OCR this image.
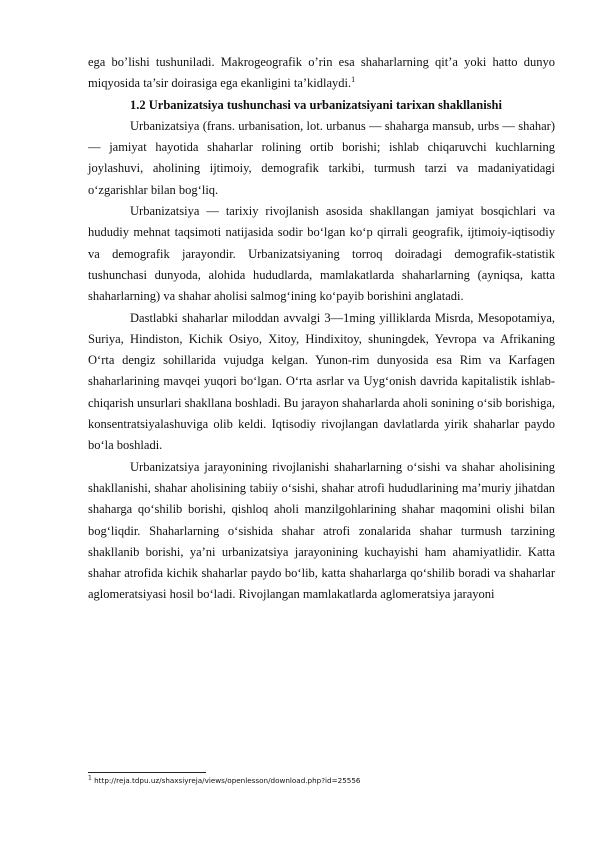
ega bo’lishi tushuniladi. Makrogeografik o’rin esa shaharlarning qit’a yoki hatto dunyo miqyosida ta’sir doirasiga ega ekanligini ta’kidlaydi.$^1$

1.2 Urbanizatsiya tushunchasi va urbanizatsiyani tarixan shakllanishi

Urbanizatsiya (frans. urbanisation, lot. urbanus — shaharga mansub, urbs — shahar) — jamiyat hayotida shaharlar rolining ortib borishi; ishlab chiqaruvchi kuchlarning joylashuvi, aholining ijtimoiy, demografik tarkibi, turmush tarzi va madaniyatidagi o‘zgarishlar bilan bog‘liq.

Urbanizatsiya — tarixiy rivojlanish asosida shakllangan jamiyat bosqichlari va hududiy mehnat taqsimoti natijasida sodir bo‘lgan ko‘p qirrali geografik, ijtimoiy-iqtisodiy va demografik jarayondir. Urbanizatsiyaning torroq doiradagi demografik-statistik tushunchasi dunyoda, alohida hududlarda, mamlakatlarda shaharlarning (ayniqsa, katta shaharlarning) va shahar aholisi salmog‘ining ko‘payib borishini anglatadi.

Dastlabki shaharlar miloddan avvalgi 3—1ming yilliklarda Misrda, Mesopotamiya, Suriya, Hindiston, Kichik Osiyo, Xitoy, Hindixitoy, shuningdek, Yevropa va Afrikaning O‘rta dengiz sohillarida vujudga kelgan. Yunon-rim dunyosida esa Rim va Karfagen shaharlarining mavqei yuqori bo‘lgan. O‘rta asrlar va Uyg‘onish davrida kapitalistik ishlab-chiqarish unsurlari shakllana boshladi. Bu jarayon shaharlarda aholi sonining o‘sib borishiga, konsentratsiyalashuviga olib keldi. Iqtisodiy rivojlangan davlatlarda yirik shaharlar paydo bo‘la boshladi.

Urbanizatsiya jarayonining rivojlanishi shaharlarning o‘sishi va shahar aholisining shakllanishi, shahar aholisining tabiiy o‘sishi, shahar atrofi hududlarining ma’muriy jihatdan shaharga qo‘shilib borishi, qishloq aholi manzilgohlarining shahar maqomini olishi bilan bog‘liqdir. Shaharlarning o‘sishida shahar atrofi zonalarida shahar turmush tarzining shakllanib borishi, ya’ni urbanizatsiya jarayonining kuchayishi ham ahamiyatlidir. Katta shahar atrofida kichik shaharlar paydo bo‘lib, katta shaharlarga qo‘shilib boradi va shaharlar aglomeratsiyasi hosil bo‘ladi. Rivojlangan mamlakatlarda aglomeratsiya jarayoni

$^1$ http://reja.tdpu.uz/shaxsiyreja/views/openlesson/download.php?id=25556
